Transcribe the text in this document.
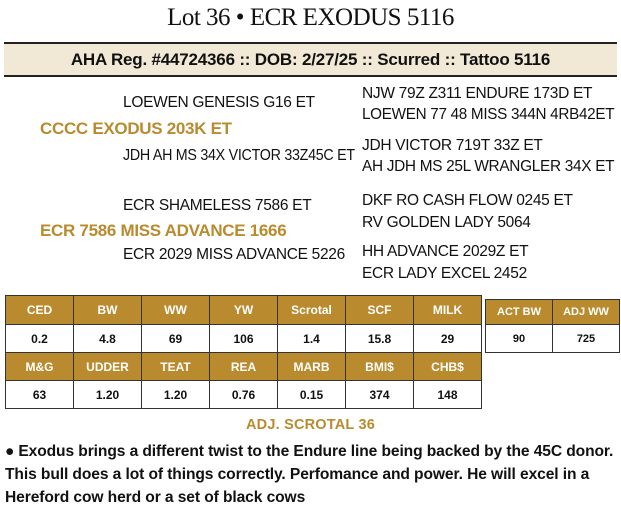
Lot 36 • ECR EXODUS 5116
AHA Reg. #44724366 :: DOB: 2/27/25 :: Scurred :: Tattoo 5116
LOEWEN GENESIS G16 ET
CCCC EXODUS 203K ET
JDH AH MS 34X VICTOR 33Z45C ET
ECR SHAMELESS 7586 ET
ECR 7586 MISS ADVANCE 1666
ECR 2029 MISS ADVANCE 5226
NJW 79Z Z311 ENDURE 173D ET
LOEWEN 77 48 MISS 344N 4RB42ET
JDH VICTOR 719T 33Z ET
AH JDH MS 25L WRANGLER 34X ET
DKF RO CASH FLOW 0245 ET
RV GOLDEN LADY 5064
HH ADVANCE 2029Z ET
ECR LADY EXCEL 2452
CED	BW	WW	YW	Scrotal	SCF	MILK
0.2	4.8	69	106	1.4	15.8	29
M&G	UDDER	TEAT	REA	MARB	BMI$	CHB$
63	1.20	1.20	0.76	0.15	374	148
ACT BW	ADJ WW
90	725
ADJ. SCROTAL 36
● Exodus brings a different twist to the Endure line being backed by the 45C donor. This bull does a lot of things correctly. Perfomance and power. He will excel in a Hereford cow herd or a set of black cows
